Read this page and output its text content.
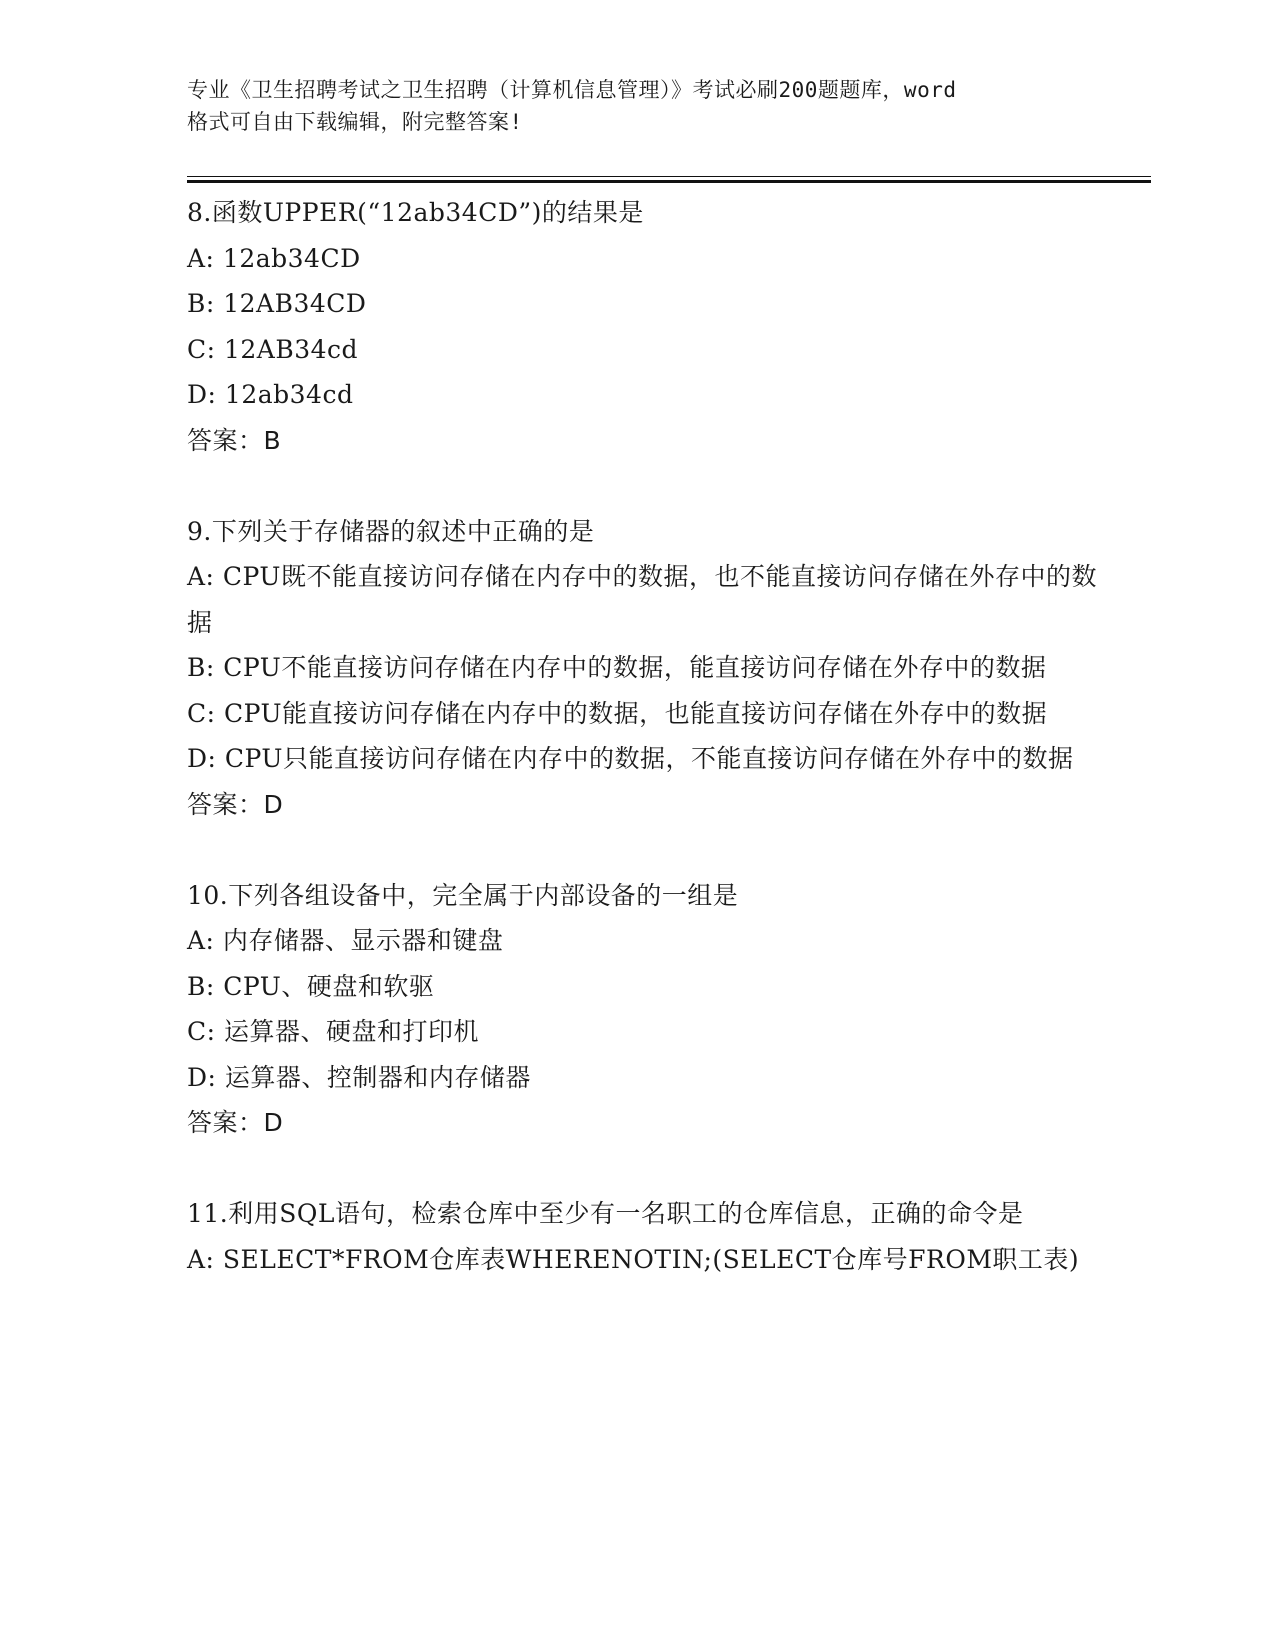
专业《卫生招聘考试之卫生招聘（计算机信息管理）》考试必刷200题题库，word
格式可自由下载编辑，附完整答案!
8.函数UPPER(“12ab34CD”)的结果是
A: 12ab34CD
B: 12AB34CD
C: 12AB34cd
D: 12ab34cd
答案：B
9.下列关于存储器的叙述中正确的是
A: CPU既不能直接访问存储在内存中的数据，也不能直接访问存储在外存中的数据
B: CPU不能直接访问存储在内存中的数据，能直接访问存储在外存中的数据
C: CPU能直接访问存储在内存中的数据，也能直接访问存储在外存中的数据
D: CPU只能直接访问存储在内存中的数据，不能直接访问存储在外存中的数据
答案：D
10.下列各组设备中，完全属于内部设备的一组是
A: 内存储器、显示器和键盘
B: CPU、硬盘和软驱
C: 运算器、硬盘和打印机
D: 运算器、控制器和内存储器
答案：D
11.利用SQL语句，检索仓库中至少有一名职工的仓库信息，正确的命令是
A: SELECT*FROM仓库表WHERENOTIN;(SELECT仓库号FROM职工表)
